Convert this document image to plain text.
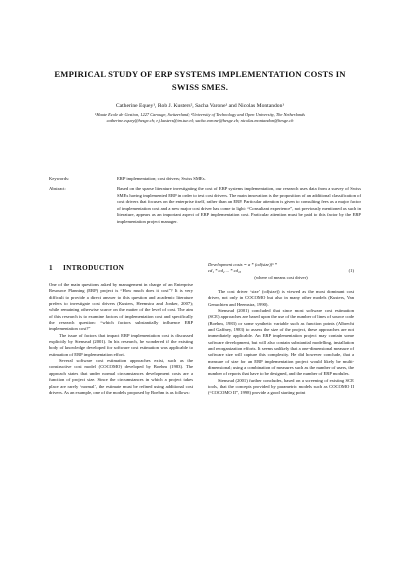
EMPIRICAL STUDY OF ERP SYSTEMS IMPLEMENTATION COSTS IN SWISS SMES.
Catherine Equey¹, Rob J. Kusters², Sacha Varone¹ and Nicolas Montandon¹
¹Haute Ecole de Gestion, 1227 Carouge, Switzerland; ²University of Technology and Open University, The Netherlands
catherine.equey@hesge.ch; r.j.kusters@tm.tue.nl; sacha.varone@hesge.ch; nicolas.montandon@hesge.ch
Keywords:	ERP implementation; cost drivers; Swiss SMEs.
Abstract:	Based on the sparse literature investigating the cost of ERP systems implementation, our research uses data from a survey of Swiss SMEs having implemented ERP in order to test cost drivers. The main innovation is the proposition of an additional classification of cost drivers that focuses on the enterprise itself, rather than an ERP. Particular attention is given to consulting fees as a major factor of implementation cost and a new major cost driver has come to light: “Consultant experience”, not previously mentioned as such in literature, appears as an important aspect of ERP implementation cost. Particular attention must be paid to this factor by the ERP implementation project manager.
1 INTRODUCTION

One of the main questions asked by management in charge of an Enterprise Resource Planning (ERP) project is “How much does it cost”? It is very difficult to provide a direct answer to this question and academic literature prefers to investigate cost drivers (Kusters, Heemstra and Jonker, 2007); while remaining otherwise scarce on the matter of the level of cost. The aim of this research is to examine factors of implementation cost and specifically the research question: “which factors substantially influence ERP implementation cost?”

The issue of factors that impact ERP implementation cost is discussed explicitly by Stensrud (2001). In his research, he wondered if the existing body of knowledge developed for software cost estimation was applicable to estimation of ERP implementation effort.

Several software cost estimation approaches exist, such as the constructive cost model (COCOMO) developed by Boehm (1983). The approach states that under normal circumstances development costs are a function of project size. Since the circumstances in which a project takes place are rarely ‘normal’, the estimate must be refined using additional cost drivers. As an example, one of the models proposed by Boehm is as follows:

Development costs = a * (cd(size))ᵇ *
cd₁ * cd₂ ... * cd₁₆	(1)
(where cd means cost driver)

The cost driver ‘size’ (cd(size)) is viewed as the most dominant cost driver, not only in COCOMO but also in many other models (Kusters, Van Genuchten and Heemstra, 1990).

Stensrud (2001) concluded that since most software cost estimation (SCE) approaches are based upon the use of the number of lines of source code (Boehm, 1983) or some synthetic variable such as function points (Albrecht and Gaffney, 1983) to assess the size of the project, these approaches are not immediately applicable. An ERP implementation project may contain some software development, but will also contain substantial modelling, installation and reorganization efforts. It seems unlikely that a one-dimensional measure of software size will capture this complexity. He did however conclude, that a measure of size for an ERP implementation project would likely be multi-dimensional; using a combination of measures such as the number of users, the number of reports that have to be designed, and the number of ERP modules.

Stensrud (2001) further concludes, based on a screening of existing SCE tools, that the concepts provided by parametric models such as COCOMO II (“COCOMO II”, 1998) provide a good starting point
